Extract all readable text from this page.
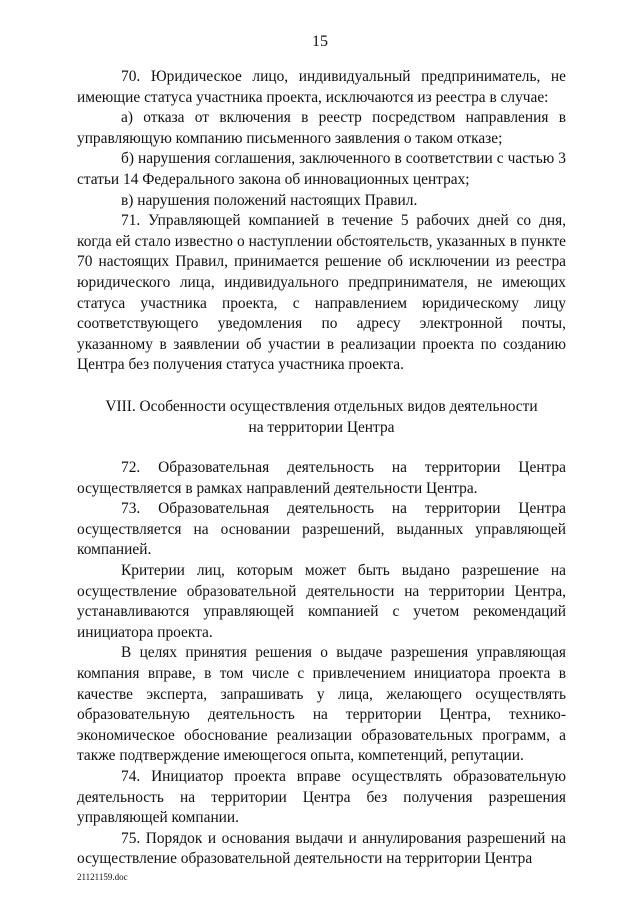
15

70. Юридическое лицо, индивидуальный предприниматель, не имеющие статуса участника проекта, исключаются из реестра в случае:

а) отказа от включения в реестр посредством направления в управляющую компанию письменного заявления о таком отказе;

б) нарушения соглашения, заключенного в соответствии с частью 3 статьи 14 Федерального закона об инновационных центрах;

в) нарушения положений настоящих Правил.

71. Управляющей компанией в течение 5 рабочих дней со дня, когда ей стало известно о наступлении обстоятельств, указанных в пункте 70 настоящих Правил, принимается решение об исключении из реестра юридического лица, индивидуального предпринимателя, не имеющих статуса участника проекта, с направлением юридическому лицу соответствующего уведомления по адресу электронной почты, указанному в заявлении об участии в реализации проекта по созданию Центра без получения статуса участника проекта.

VIII. Особенности осуществления отдельных видов деятельности
на территории Центра

72. Образовательная деятельность на территории Центра осуществляется в рамках направлений деятельности Центра.

73. Образовательная деятельность на территории Центра осуществляется на основании разрешений, выданных управляющей компанией.

Критерии лиц, которым может быть выдано разрешение на осуществление образовательной деятельности на территории Центра, устанавливаются управляющей компанией с учетом рекомендаций инициатора проекта.

В целях принятия решения о выдаче разрешения управляющая компания вправе, в том числе с привлечением инициатора проекта в качестве эксперта, запрашивать у лица, желающего осуществлять образовательную деятельность на территории Центра, технико-экономическое обоснование реализации образовательных программ, а также подтверждение имеющегося опыта, компетенций, репутации.

74. Инициатор проекта вправе осуществлять образовательную деятельность на территории Центра без получения разрешения управляющей компании.

75. Порядок и основания выдачи и аннулирования разрешений на осуществление образовательной деятельности на территории Центра

21121159.doc
